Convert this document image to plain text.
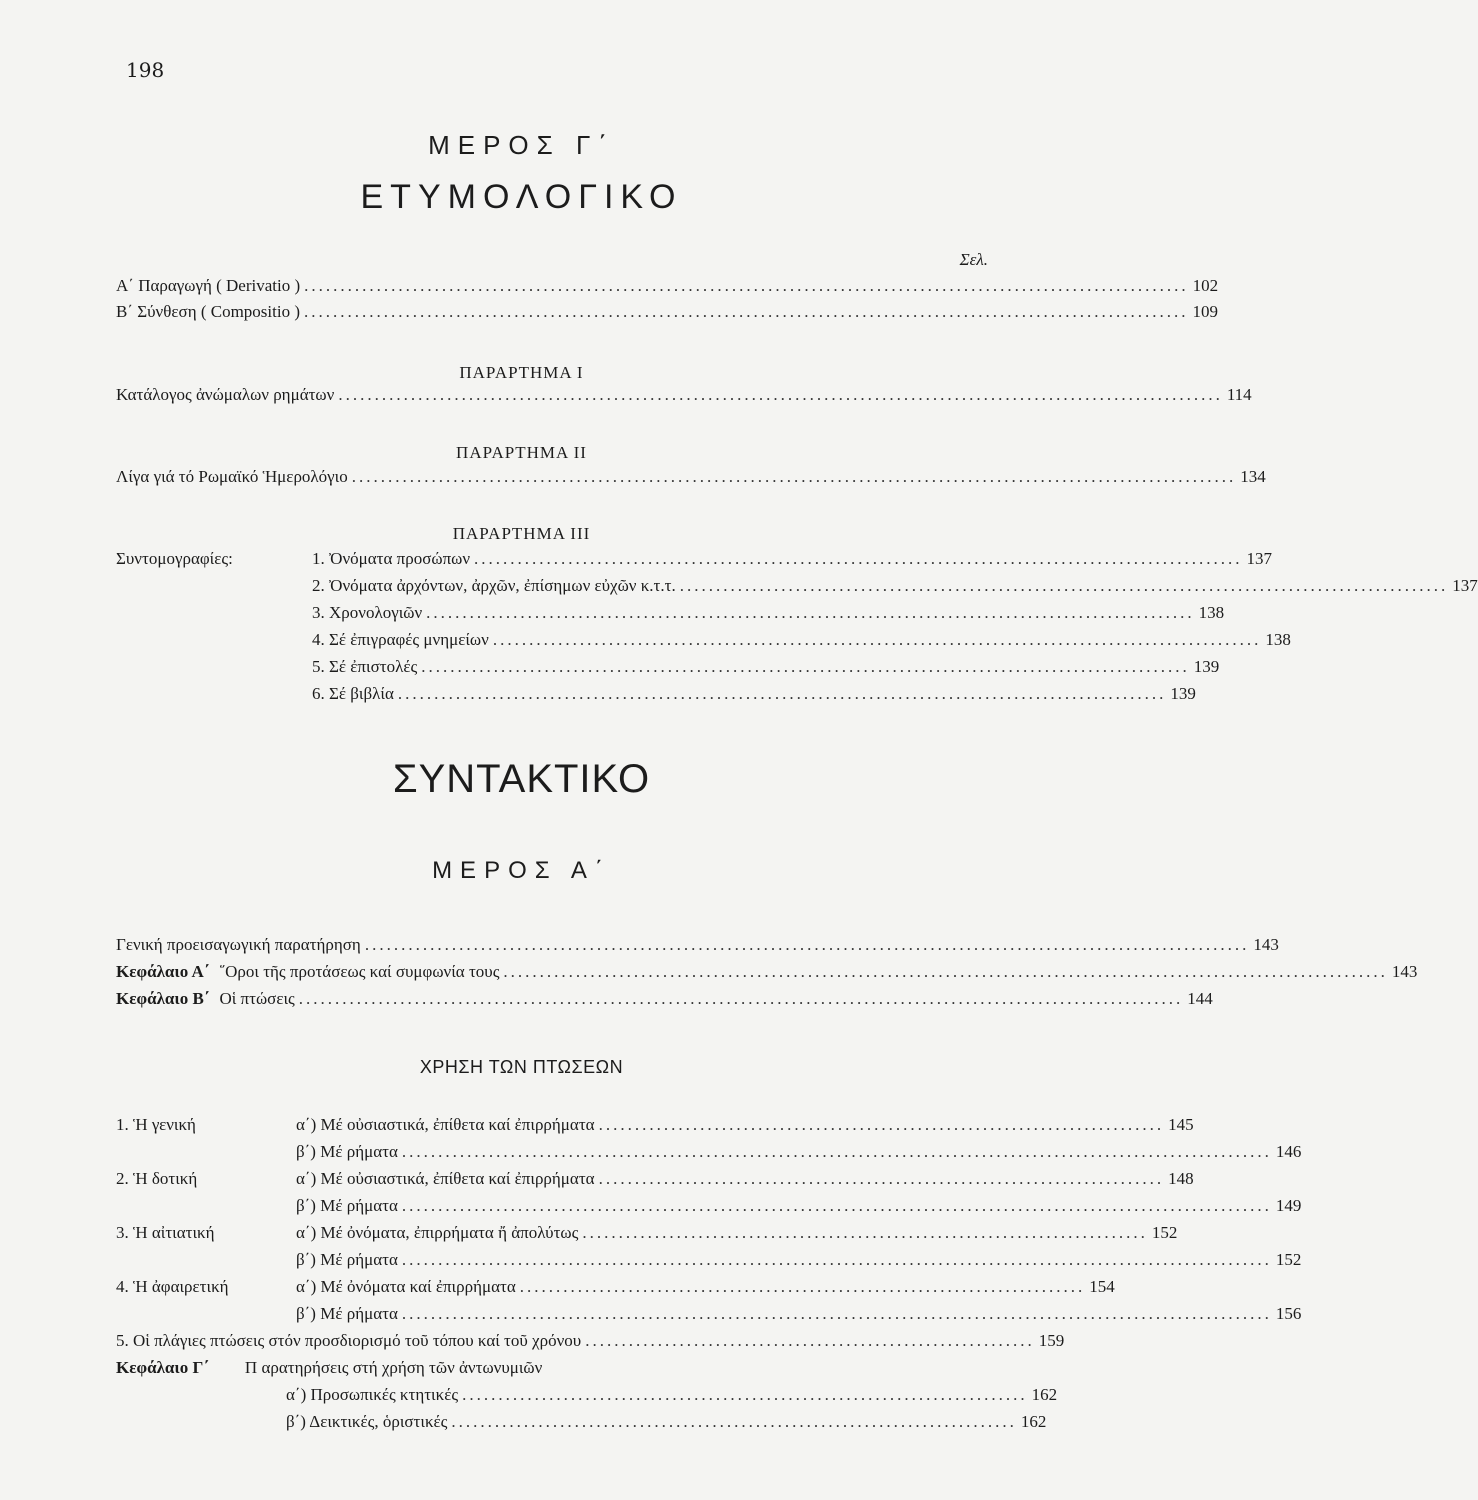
198
ΜΕΡΟΣ Γ΄
ΕΤΥΜΟΛΟΓΙΚΟ
Σελ.
Α΄ Παραγωγή ( Derivatio ) .......................................................................................................................... 102
Β΄ Σύνθεση ( Compositio ) .......................................................................................................................... 109
ΠΑΡΑΡΤΗΜΑ Ι
Κατάλογος ἀνώμαλων ρημάτων .......................................................................................................................... 114
ΠΑΡΑΡΤΗΜΑ ΙΙ
Λίγα γιά τό Ρωμαϊκό Ἡμερολόγιο .......................................................................................................................... 134
ΠΑΡΑΡΤΗΜΑ ΙΙΙ
Συντομογραφίες:	1. Ὀνόματα προσώπων .......................................................................................................... 137
2. Ὀνόματα ἀρχόντων, ἀρχῶν, ἐπίσημων εὐχῶν κ.τ.τ. .......................................................................................................... 137
3. Χρονολογιῶν .......................................................................................................... 138
4. Σέ ἐπιγραφές μνημείων .......................................................................................................... 138
5. Σέ ἐπιστολές .......................................................................................................... 139
6. Σέ βιβλία .......................................................................................................... 139
ΣΥΝΤΑΚΤΙΚΟ
ΜΕΡΟΣ Α΄
Γενική προεισαγωγική παρατήρηση .......................................................................................................................... 143
Κεφάλαιο Α΄ ῞Οροι τῆς προτάσεως καί συμφωνία τους .......................................................................................................................... 143
Κεφάλαιο Β΄ Οἱ πτώσεις .......................................................................................................................... 144
ΧΡΗΣΗ ΤΩΝ ΠΤΩΣΕΩΝ
1. Ἡ γενική	α΄) Μέ οὐσιαστικά, ἐπίθετα καί ἐπιρρήματα .............................................................................. 145
β΄) Μέ ρήματα ........................................................................................................................ 146
2. Ἡ δοτική	α΄) Μέ οὐσιαστικά, ἐπίθετα καί ἐπιρρήματα .............................................................................. 148
β΄) Μέ ρήματα ........................................................................................................................ 149
3. Ἡ αἰτιατική	α΄) Μέ ὀνόματα, ἐπιρρήματα ἤ ἀπολύτως .............................................................................. 152
β΄) Μέ ρήματα ........................................................................................................................ 152
4. Ἡ ἀφαιρετική	α΄) Μέ ὀνόματα καί ἐπιρρήματα .............................................................................. 154
β΄) Μέ ρήματα ........................................................................................................................ 156
5. Οἱ πλάγιες πτώσεις στόν προσδιορισμό τοῦ τόπου καί τοῦ χρόνου .............................................................. 159
Κεφάλαιο Γ΄ Π αρατηρήσεις στή χρήση τῶν ἀντωνυμιῶν
α΄) Προσωπικές κτητικές .............................................................................. 162
β΄) Δεικτικές, ὁριστικές .............................................................................. 162
